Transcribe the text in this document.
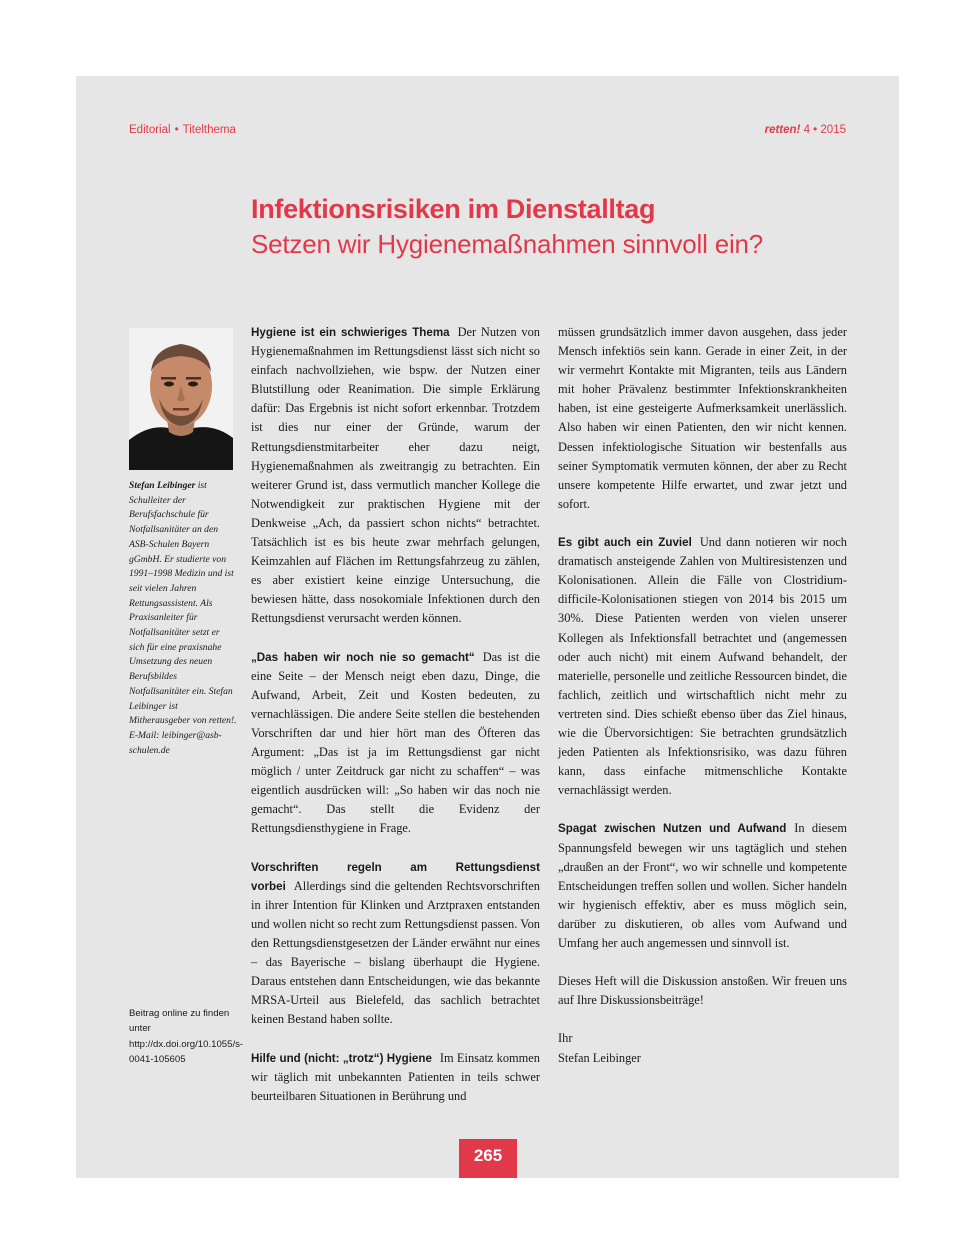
Editorial • Titelthema	retten! 4 • 2015
Infektionsrisiken im Dienstalltag
Setzen wir Hygienemaßnahmen sinnvoll ein?
Stefan Leibinger ist Schulleiter der Berufsfachschule für Notfallsanitäter an den ASB-Schulen Bayern gGmbH. Er studierte von 1991–1998 Medizin und ist seit vielen Jahren Rettungsassistent. Als Praxisanleiter für Notfallsanitäter setzt er sich für eine praxisnahe Umsetzung des neuen Berufsbildes Notfallsanitäter ein. Stefan Leibinger ist Mitherausgeber von retten!. E-Mail: leibinger@asb-schulen.de
Beitrag online zu finden unter http://dx.doi.org/10.1055/s-0041-105605

Hygiene ist ein schwieriges Thema Der Nutzen von Hygienemaßnahmen im Rettungsdienst lässt sich nicht so einfach nachvollziehen, wie bspw. der Nutzen einer Blutstillung oder Reanimation. Die simple Erklärung dafür: Das Ergebnis ist nicht sofort erkennbar. Trotzdem ist dies nur einer der Gründe, warum der Rettungsdienstmitarbeiter eher dazu neigt, Hygienemaßnahmen als zweitrangig zu betrachten. Ein weiterer Grund ist, dass vermutlich mancher Kollege die Notwendigkeit zur praktischen Hygiene mit der Denkweise „Ach, da passiert schon nichts“ betrachtet. Tatsächlich ist es bis heute zwar mehrfach gelungen, Keimzahlen auf Flächen im Rettungsfahrzeug zu zählen, es aber existiert keine einzige Untersuchung, die bewiesen hätte, dass nosokomiale Infektionen durch den Rettungsdienst verursacht werden können.

„Das haben wir noch nie so gemacht“ Das ist die eine Seite – der Mensch neigt eben dazu, Dinge, die Aufwand, Arbeit, Zeit und Kosten bedeuten, zu vernachlässigen. Die andere Seite stellen die bestehenden Vorschriften dar und hier hört man des Öfteren das Argument: „Das ist ja im Rettungsdienst gar nicht möglich / unter Zeitdruck gar nicht zu schaffen“ – was eigentlich ausdrücken will: „So haben wir das noch nie gemacht“. Das stellt die Evidenz der Rettungsdiensthygiene in Frage.

Vorschriften regeln am Rettungsdienst vorbei Allerdings sind die geltenden Rechtsvorschriften in ihrer Intention für Klinken und Arztpraxen entstanden und wollen nicht so recht zum Rettungsdienst passen. Von den Rettungsdienstgesetzen der Länder erwähnt nur eines – das Bayerische – bislang überhaupt die Hygiene. Daraus entstehen dann Entscheidungen, wie das bekannte MRSA-Urteil aus Bielefeld, das sachlich betrachtet keinen Bestand haben sollte.

Hilfe und (nicht: „trotz“) Hygiene Im Einsatz kommen wir täglich mit unbekannten Patienten in teils schwer beurteilbaren Situationen in Berührung und

müssen grundsätzlich immer davon ausgehen, dass jeder Mensch infektiös sein kann. Gerade in einer Zeit, in der wir vermehrt Kontakte mit Migranten, teils aus Ländern mit hoher Prävalenz bestimmter Infektionskrankheiten haben, ist eine gesteigerte Aufmerksamkeit unerlässlich. Also haben wir einen Patienten, den wir nicht kennen. Dessen infektiologische Situation wir bestenfalls aus seiner Symptomatik vermuten können, der aber zu Recht unsere kompetente Hilfe erwartet, und zwar jetzt und sofort.

Es gibt auch ein Zuviel Und dann notieren wir noch dramatisch ansteigende Zahlen von Multiresistenzen und Kolonisationen. Allein die Fälle von Clostridium-difficile-Kolonisationen stiegen von 2014 bis 2015 um 30%. Diese Patienten werden von vielen unserer Kollegen als Infektionsfall betrachtet und (angemessen oder auch nicht) mit einem Aufwand behandelt, der materielle, personelle und zeitliche Ressourcen bindet, die fachlich, zeitlich und wirtschaftlich nicht mehr zu vertreten sind. Dies schießt ebenso über das Ziel hinaus, wie die Übervorsichtigen: Sie betrachten grundsätzlich jeden Patienten als Infektionsrisiko, was dazu führen kann, dass einfache mitmenschliche Kontakte vernachlässigt werden.

Spagat zwischen Nutzen und Aufwand In diesem Spannungsfeld bewegen wir uns tagtäglich und stehen „draußen an der Front“, wo wir schnelle und kompetente Entscheidungen treffen sollen und wollen. Sicher handeln wir hygienisch effektiv, aber es muss möglich sein, darüber zu diskutieren, ob alles vom Aufwand und Umfang her auch angemessen und sinnvoll ist.

Dieses Heft will die Diskussion anstoßen. Wir freuen uns auf Ihre Diskussionsbeiträge!

Ihr
Stefan Leibinger

265
